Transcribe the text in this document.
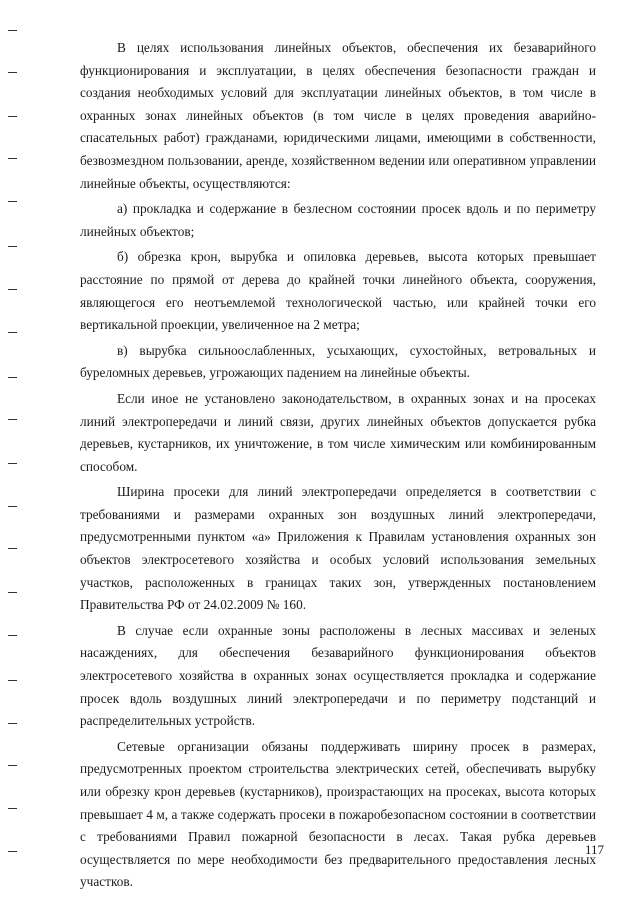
В целях использования линейных объектов, обеспечения их безаварийного функционирования и эксплуатации, в целях обеспечения безопасности граждан и создания необходимых условий для эксплуатации линейных объектов, в том числе в охранных зонах линейных объектов (в том числе в целях проведения аварийно-спасательных работ) гражданами, юридическими лицами, имеющими в собственности, безвозмездном пользовании, аренде, хозяйственном ведении или оперативном управлении линейные объекты, осуществляются:

а) прокладка и содержание в безлесном состоянии просек вдоль и по периметру линейных объектов;

б) обрезка крон, вырубка и опиловка деревьев, высота которых превышает расстояние по прямой от дерева до крайней точки линейного объекта, сооружения, являющегося его неотъемлемой технологической частью, или крайней точки его вертикальной проекции, увеличенное на 2 метра;

в) вырубка сильноослабленных, усыхающих, сухостойных, ветровальных и буреломных деревьев, угрожающих падением на линейные объекты.

Если иное не установлено законодательством, в охранных зонах и на просеках линий электропередачи и линий связи, других линейных объектов допускается рубка деревьев, кустарников, их уничтожение, в том числе химическим или комбинированным способом.

Ширина просеки для линий электропередачи определяется в соответствии с требованиями и размерами охранных зон воздушных линий электропередачи, предусмотренными пунктом «а» Приложения к Правилам установления охранных зон объектов электросетевого хозяйства и особых условий использования земельных участков, расположенных в границах таких зон, утвержденных постановлением Правительства РФ от 24.02.2009 № 160.

В случае если охранные зоны расположены в лесных массивах и зеленых насаждениях, для обеспечения безаварийного функционирования объектов электросетевого хозяйства в охранных зонах осуществляется прокладка и содержание просек вдоль воздушных линий электропередачи и по периметру подстанций и распределительных устройств.

Сетевые организации обязаны поддерживать ширину просек в размерах, предусмотренных проектом строительства электрических сетей, обеспечивать вырубку или обрезку крон деревьев (кустарников), произрастающих на просеках, высота которых превышает 4 м, а также содержать просеки в пожаробезопасном состоянии в соответствии с требованиями Правил пожарной безопасности в лесах. Такая рубка деревьев осуществляется по мере необходимости без предварительного предоставления лесных участков.

117
